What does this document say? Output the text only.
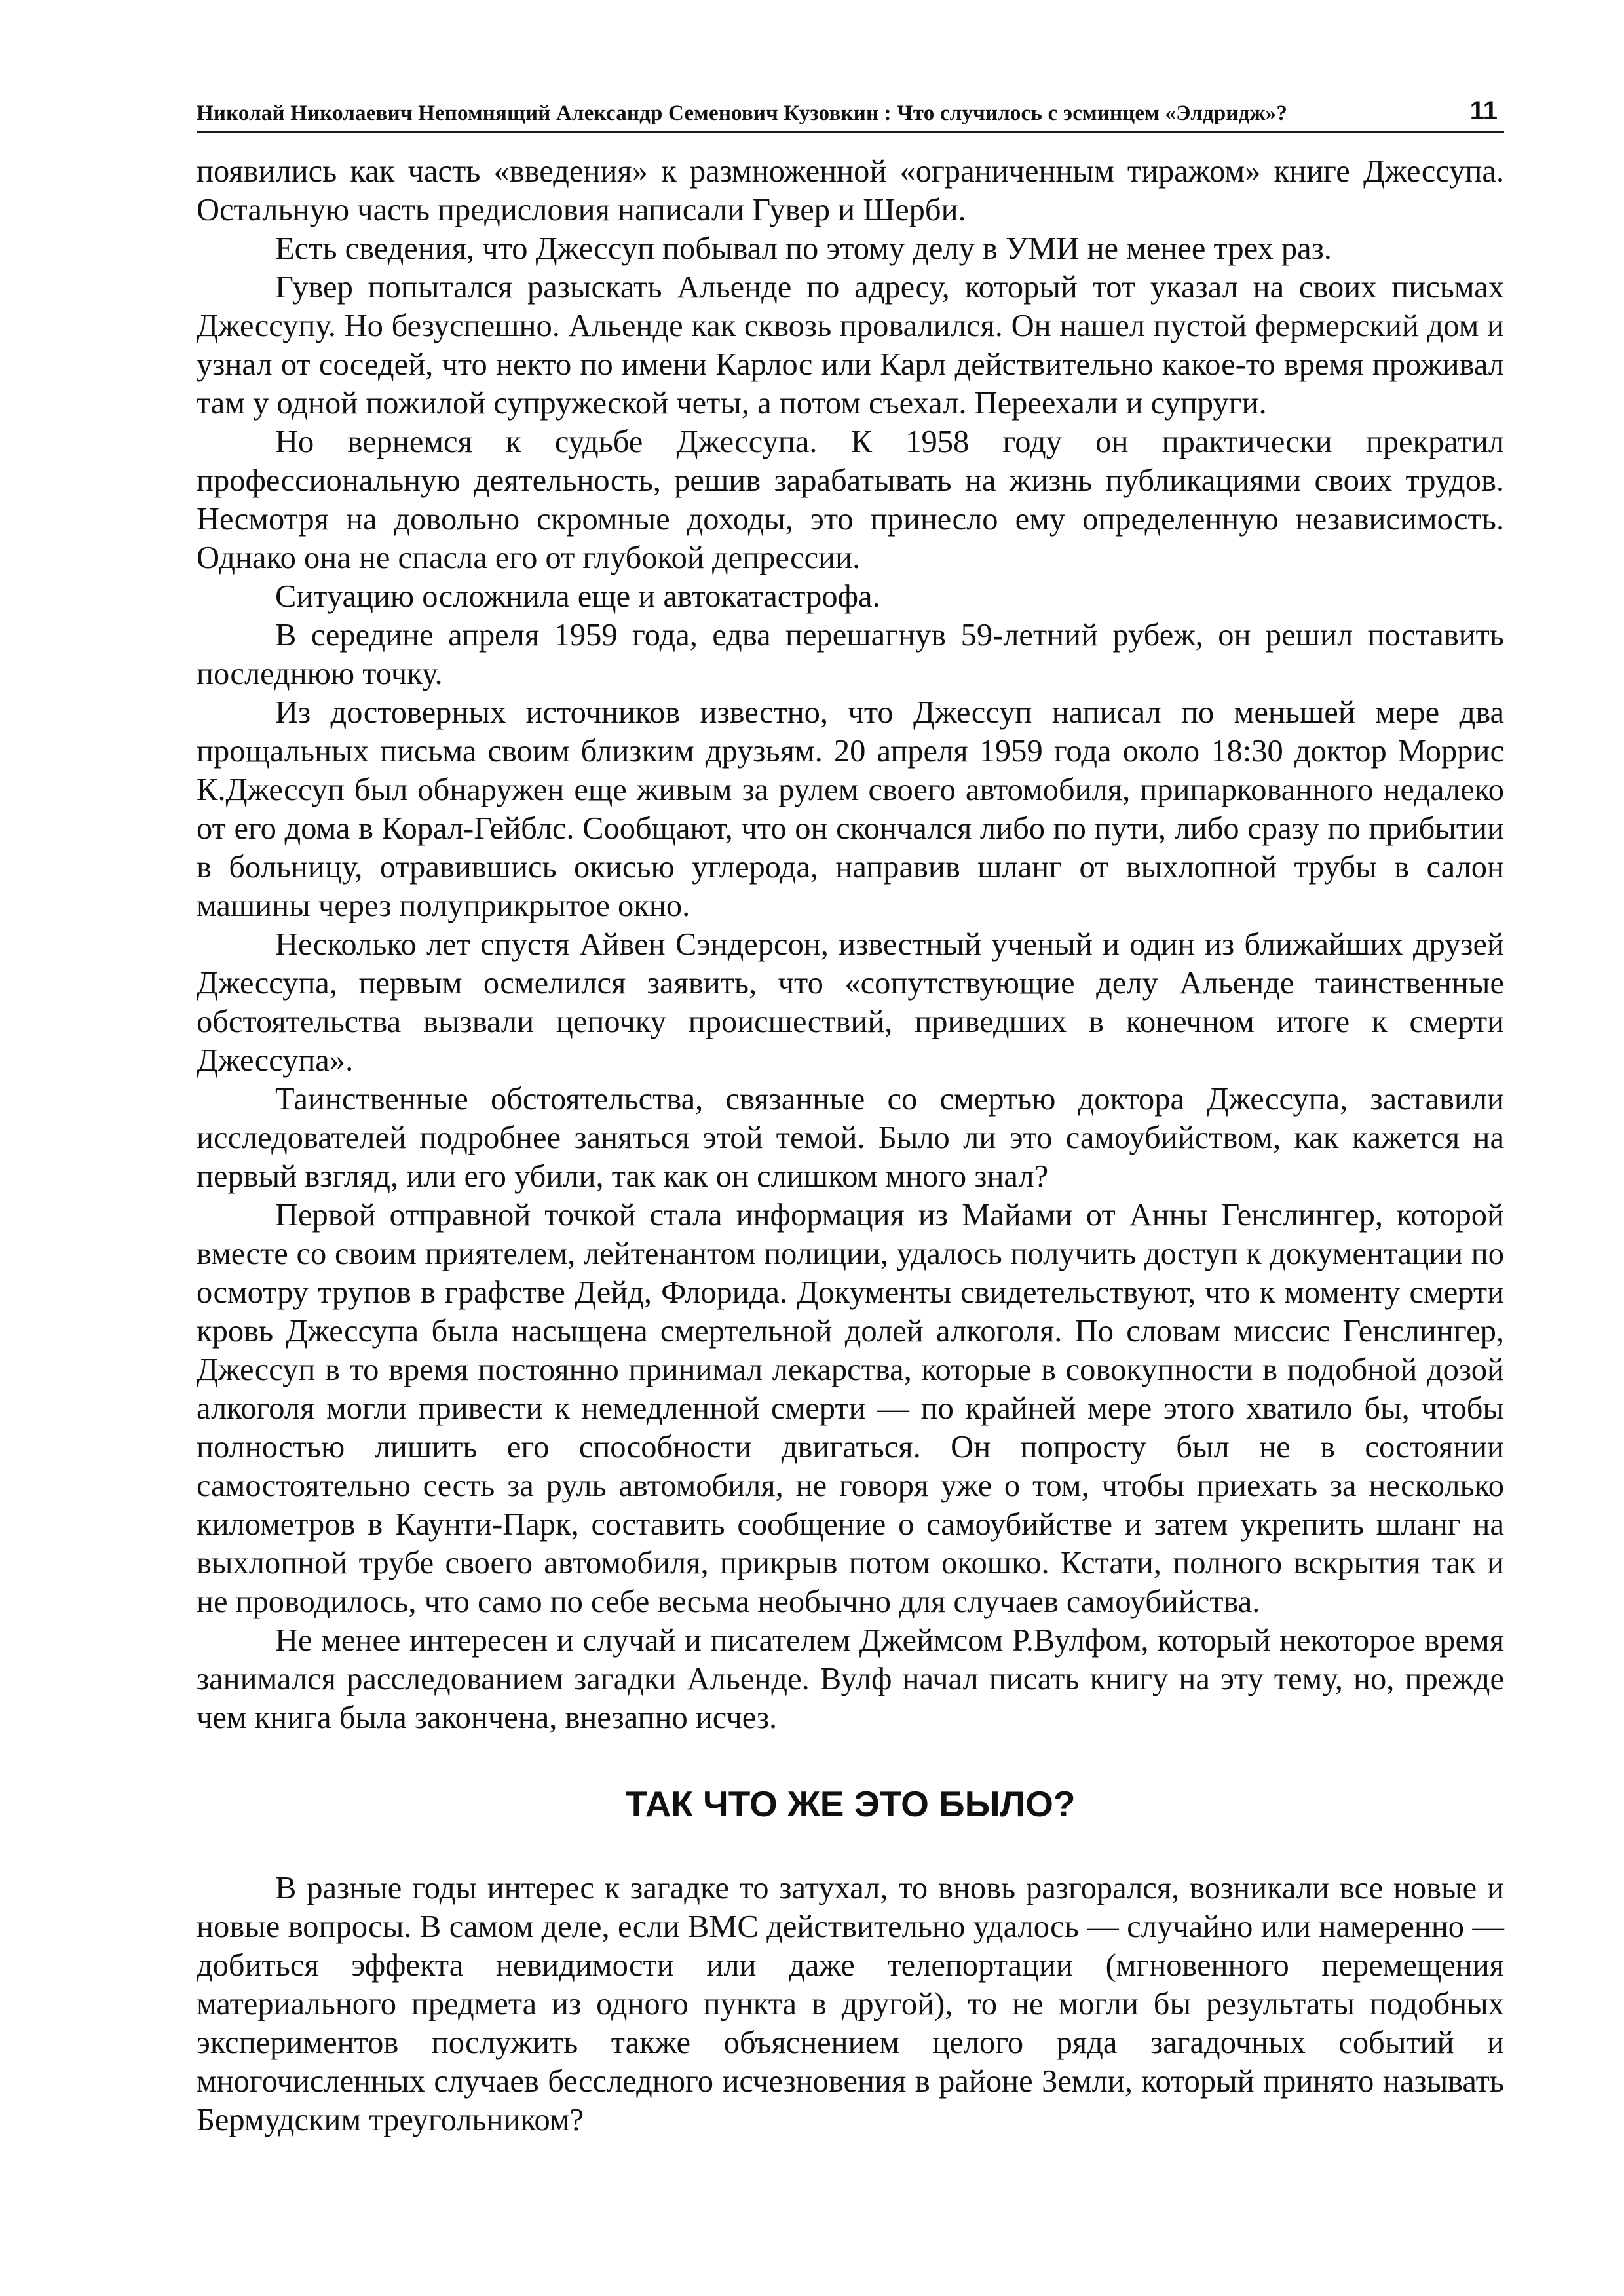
Николай Николаевич Непомнящий Александр Семенович Кузовкин : Что случилось с эсминцем «Элдридж»?	11

появились как часть «введения» к размноженной «ограниченным тиражом» книге Джессупа. Остальную часть предисловия написали Гувер и Шерби.

Есть сведения, что Джессуп побывал по этому делу в УМИ не менее трех раз.

Гувер попытался разыскать Альенде по адресу, который тот указал на своих письмах Джессупу. Но безуспешно. Альенде как сквозь провалился. Он нашел пустой фермерский дом и узнал от соседей, что некто по имени Карлос или Карл действительно какое-то время проживал там у одной пожилой супружеской четы, а потом съехал. Переехали и супруги.

Но вернемся к судьбе Джессупа. К 1958 году он практически прекратил профессиональную деятельность, решив зарабатывать на жизнь публикациями своих трудов. Несмотря на довольно скромные доходы, это принесло ему определенную независимость. Однако она не спасла его от глубокой депрессии.

Ситуацию осложнила еще и автокатастрофа.

В середине апреля 1959 года, едва перешагнув 59-летний рубеж, он решил поставить последнюю точку.

Из достоверных источников известно, что Джессуп написал по меньшей мере два прощальных письма своим близким друзьям. 20 апреля 1959 года около 18:30 доктор Моррис К.Джессуп был обнаружен еще живым за рулем своего автомобиля, припаркованного недалеко от его дома в Корал-Гейблс. Сообщают, что он скончался либо по пути, либо сразу по прибытии в больницу, отравившись окисью углерода, направив шланг от выхлопной трубы в салон машины через полуприкрытое окно.

Несколько лет спустя Айвен Сэндерсон, известный ученый и один из ближайших друзей Джессупа, первым осмелился заявить, что «сопутствующие делу Альенде таинственные обстоятельства вызвали цепочку происшествий, приведших в конечном итоге к смерти Джессупа».

Таинственные обстоятельства, связанные со смертью доктора Джессупа, заставили исследователей подробнее заняться этой темой. Было ли это самоубийством, как кажется на первый взгляд, или его убили, так как он слишком много знал?

Первой отправной точкой стала информация из Майами от Анны Генслингер, которой вместе со своим приятелем, лейтенантом полиции, удалось получить доступ к документации по осмотру трупов в графстве Дейд, Флорида. Документы свидетельствуют, что к моменту смерти кровь Джессупа была насыщена смертельной долей алкоголя. По словам миссис Генслингер, Джессуп в то время постоянно принимал лекарства, которые в совокупности в подобной дозой алкоголя могли привести к немедленной смерти — по крайней мере этого хватило бы, чтобы полностью лишить его способности двигаться. Он попросту был не в состоянии самостоятельно сесть за руль автомобиля, не говоря уже о том, чтобы приехать за несколько километров в Каунти-Парк, составить сообщение о самоубийстве и затем укрепить шланг на выхлопной трубе своего автомобиля, прикрыв потом окошко. Кстати, полного вскрытия так и не проводилось, что само по себе весьма необычно для случаев самоубийства.

Не менее интересен и случай и писателем Джеймсом Р.Вулфом, который некоторое время занимался расследованием загадки Альенде. Вулф начал писать книгу на эту тему, но, прежде чем книга была закончена, внезапно исчез.

ТАК ЧТО ЖЕ ЭТО БЫЛО?

В разные годы интерес к загадке то затухал, то вновь разгорался, возникали все новые и новые вопросы. В самом деле, если ВМС действительно удалось — случайно или намеренно — добиться эффекта невидимости или даже телепортации (мгновенного перемещения материального предмета из одного пункта в другой), то не могли бы результаты подобных экспериментов послужить также объяснением целого ряда загадочных событий и многочисленных случаев бесследного исчезновения в районе Земли, который принято называть Бермудским треугольником?
